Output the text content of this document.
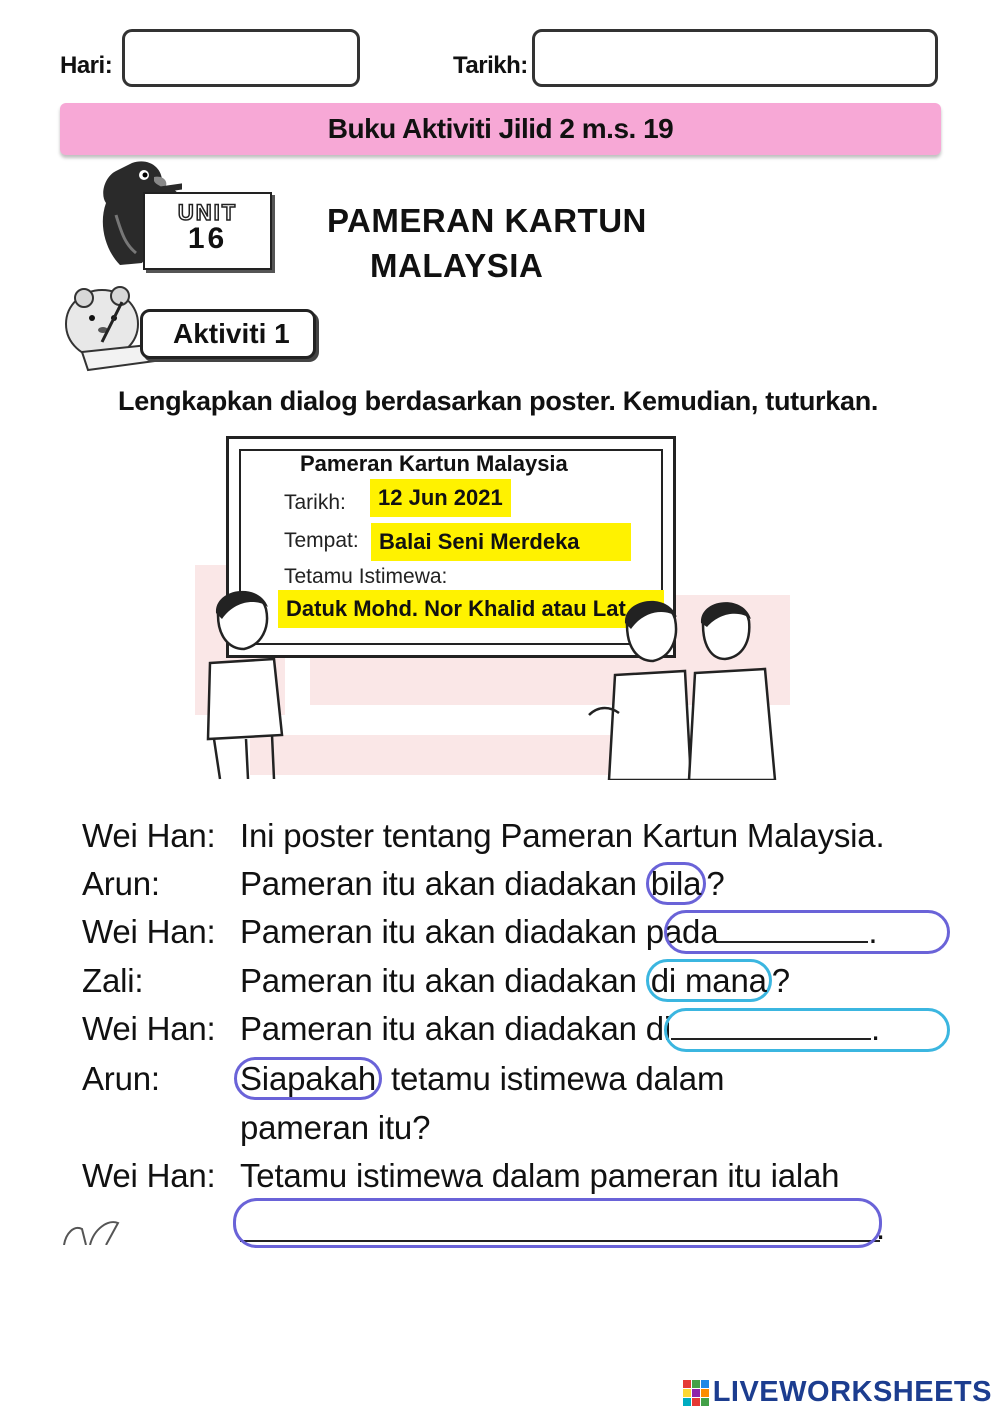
Hari:	Tarikh:
Buku Aktiviti Jilid 2 m.s. 19
UNIT
16	PAMERAN KARTUN
MALAYSIA
Aktiviti 1
Lengkapkan dialog berdasarkan poster. Kemudian, tuturkan.
Pameran Kartun Malaysia
Tarikh:	12 Jun 2021
Tempat: Balai Seni Merdeka
Tetamu Istimewa:
Datuk Mohd. Nor Khalid atau Lat
Wei Han: Ini poster tentang Pameran Kartun Malaysia.
Arun: Pameran itu akan diadakan bila ?
Wei Han: Pameran itu akan diadakan pada	.
Zali:	Pameran itu akan diadakan di mana ?
Wei Han: Pameran itu akan diadakan di	.
Arun: Siapakah tetamu istimewa dalam
pameran itu?
Wei Han: Tetamu istimewa dalam pameran itu ialah
.
LIVEWORKSHEETS
